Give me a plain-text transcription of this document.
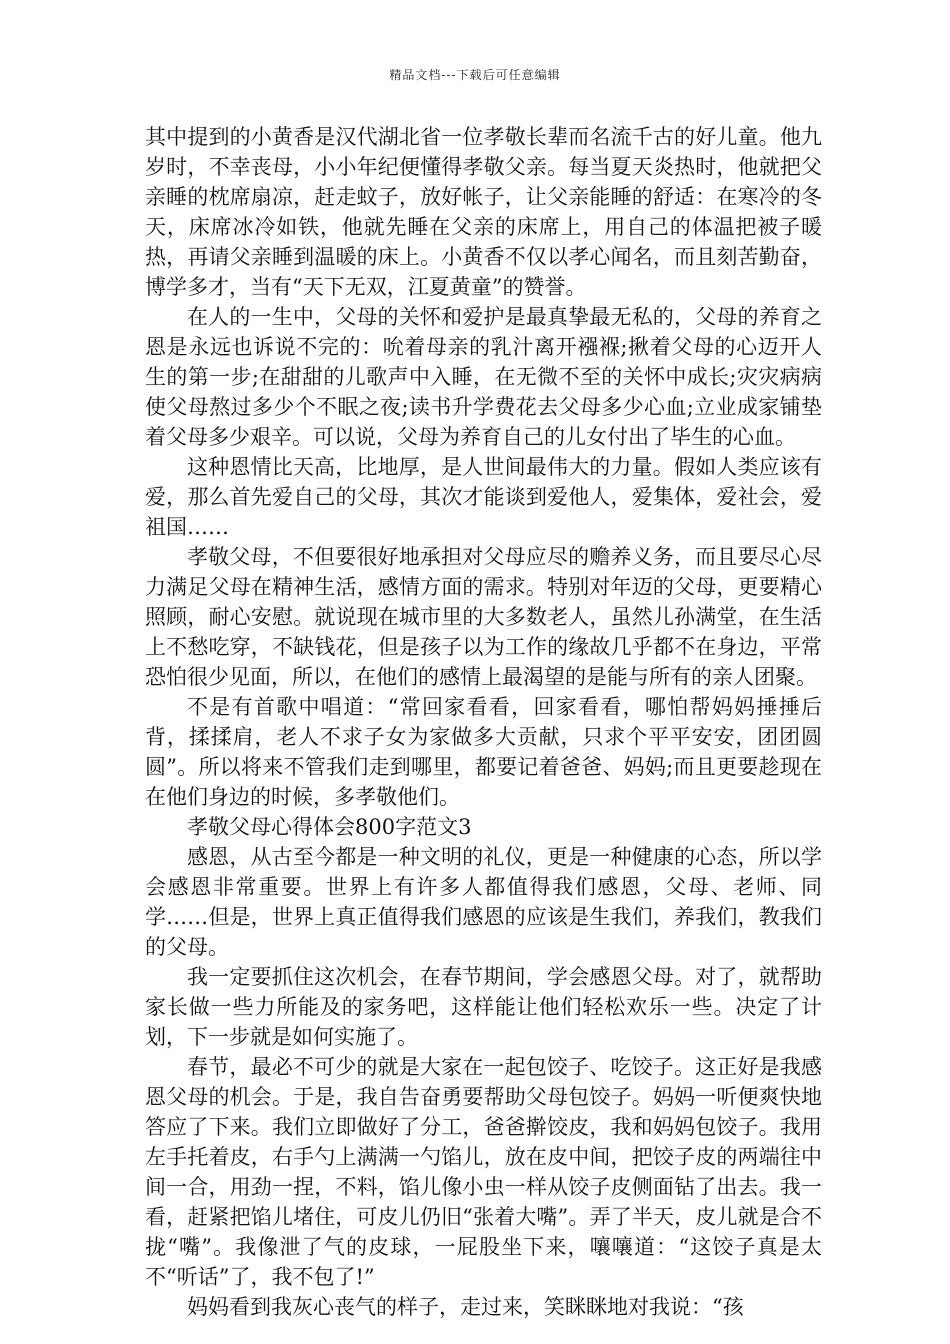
精品文档---下载后可任意编辑

其中提到的小黄香是汉代湖北省一位孝敬长辈而名流千古的好儿童。他九岁时，不幸丧母，小小年纪便懂得孝敬父亲。每当夏天炎热时，他就把父亲睡的枕席扇凉，赶走蚊子，放好帐子，让父亲能睡的舒适：在寒冷的冬天，床席冰冷如铁，他就先睡在父亲的床席上，用自己的体温把被子暖热，再请父亲睡到温暖的床上。小黄香不仅以孝心闻名，而且刻苦勤奋，博学多才，当有“天下无双，江夏黄童”的赞誉。

在人的一生中，父母的关怀和爱护是最真挚最无私的，父母的养育之恩是永远也诉说不完的：吮着母亲的乳汁离开襁褓;揪着父母的心迈开人生的第一步;在甜甜的儿歌声中入睡，在无微不至的关怀中成长;灾灾病病使父母熬过多少个不眠之夜;读书升学费花去父母多少心血;立业成家铺垫着父母多少艰辛。可以说，父母为养育自己的儿女付出了毕生的心血。

这种恩情比天高，比地厚，是人世间最伟大的力量。假如人类应该有爱，那么首先爱自己的父母，其次才能谈到爱他人，爱集体，爱社会，爱祖国……

孝敬父母，不但要很好地承担对父母应尽的赡养义务，而且要尽心尽力满足父母在精神生活，感情方面的需求。特别对年迈的父母，更要精心照顾，耐心安慰。就说现在城市里的大多数老人，虽然儿孙满堂，在生活上不愁吃穿，不缺钱花，但是孩子以为工作的缘故几乎都不在身边，平常恐怕很少见面，所以，在他们的感情上最渴望的是能与所有的亲人团聚。

不是有首歌中唱道：“常回家看看，回家看看，哪怕帮妈妈捶捶后背，揉揉肩，老人不求子女为家做多大贡献，只求个平平安安，团团圆圆”。所以将来不管我们走到哪里，都要记着爸爸、妈妈;而且更要趁现在在他们身边的时候，多孝敬他们。

孝敬父母心得体会800字范文3

感恩，从古至今都是一种文明的礼仪，更是一种健康的心态，所以学会感恩非常重要。世界上有许多人都值得我们感恩，父母、老师、同学……但是，世界上真正值得我们感恩的应该是生我们，养我们，教我们的父母。

我一定要抓住这次机会，在春节期间，学会感恩父母。对了，就帮助家长做一些力所能及的家务吧，这样能让他们轻松欢乐一些。决定了计划，下一步就是如何实施了。

春节，最必不可少的就是大家在一起包饺子、吃饺子。这正好是我感恩父母的机会。于是，我自告奋勇要帮助父母包饺子。妈妈一听便爽快地答应了下来。我们立即做好了分工，爸爸擀饺皮，我和妈妈包饺子。我用左手托着皮，右手勺上满满一勺馅儿，放在皮中间，把饺子皮的两端往中间一合，用劲一捏，不料，馅儿像小虫一样从饺子皮侧面钻了出去。我一看，赶紧把馅儿堵住，可皮儿仍旧“张着大嘴”。弄了半天，皮儿就是合不拢“嘴”。我像泄了气的皮球，一屁股坐下来，嚷嚷道：“这饺子真是太不“听话”了，我不包了!”

妈妈看到我灰心丧气的样子，走过来，笑眯眯地对我说：“孩
